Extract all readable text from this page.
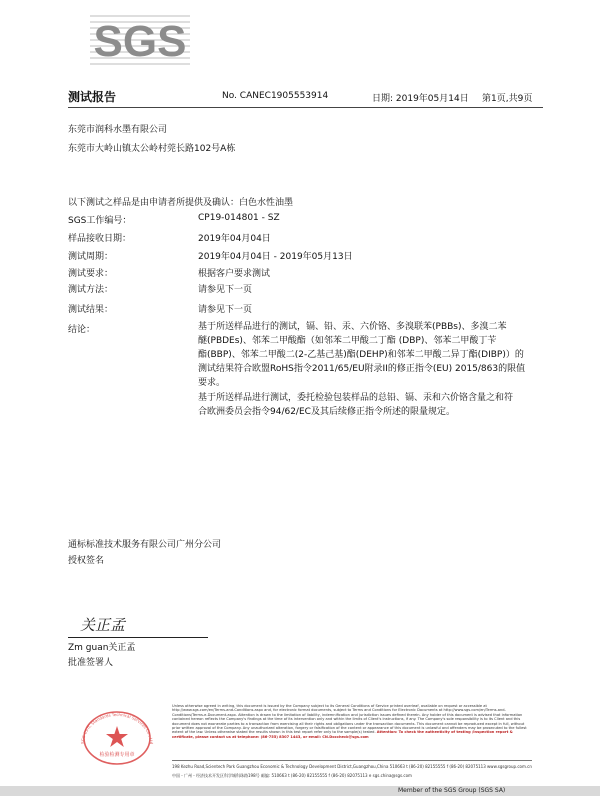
SGS
测试报告	No. CANEC1905553914	日期: 2019年05月14日 第1页,共9页
东莞市润科水墨有限公司
东莞市大岭山镇太公岭村莞长路102号A栋
以下测试之样品是由申请者所提供及确认：白色水性油墨
SGS工作编号：	CP19-014801 - SZ
样品接收日期：	2019年04月04日
测试周期：	2019年04月04日 - 2019年05月13日
测试要求：	根据客户要求测试
测试方法：	请参见下一页
测试结果：	请参见下一页
结论：	基于所送样品进行的测试，镉、铅、汞、六价铬、多溴联苯(PBBs)、多溴二苯
醚(PBDEs)、邻苯二甲酸酯（如邻苯二甲酸二丁酯 (DBP)、邻苯二甲酸丁苄
酯(BBP)、邻苯二甲酸二(2-乙基己基)酯(DEHP)和邻苯二甲酸二异丁酯(DIBP)）的
测试结果符合欧盟RoHS指令2011/65/EU附录II的修正指令(EU) 2015/863的限值
要求。
基于所送样品进行测试，委托检验包装样品的总铅、镉、汞和六价铬含量之和符
合欧洲委员会指令94/62/EC及其后续修正指令所述的限量规定。
通标标准技术服务有限公司广州分公司
授权签名
关正孟
Zm guan关正孟
批准签署人
SGS-CSTC Standards Technical Services Co., Ltd
检验检测专用章
Unless otherwise agreed in writing, this document is issued by the Company subject to its General Conditions of Service printed overleaf, available on request or accessible at http://www.sgs.com/en/Terms-and-Conditions.aspx and, for electronic format documents, subject to Terms and Conditions for Electronic Documents at http://www.sgs.com/en/Terms-and-Conditions/Terms-e-Document.aspx. Attention is drawn to the limitation of liability, indemnification and jurisdiction issues defined therein. Any holder of this document is advised that information contained hereon reflects the Company's findings at the time of its intervention only and within the limits of Client's instructions, if any. The Company's sole responsibility is to its Client and this document does not exonerate parties to a transaction from exercising all their rights and obligations under the transaction documents. This document cannot be reproduced except in full, without prior written approval of the Company. Any unauthorized alteration, forgery or falsification of the content or appearance of this document is unlawful and offenders may be prosecuted to the fullest extent of the law. Unless otherwise stated the results shown in this test report refer only to the sample(s) tested. Attention: To check the authenticity of testing /inspection report & certificate, please contact us at telephone: (86-755) 8307 1443, or email: CN.Doccheck@sgs.com
198 Kezhu Road,Scientech Park Guangzhou Economic & Technology Development District,Guangzhou,China 510663 t (86-20) 82155555 f (86-20) 82075113 www.sgsgroup.com.cn
中国・广州・经济技术开发区科学城科珠路198号 邮编: 510663 t (86-20) 82155555 f (86-20) 82075113 e sgs.china@sgs.com
Member of the SGS Group (SGS SA)
